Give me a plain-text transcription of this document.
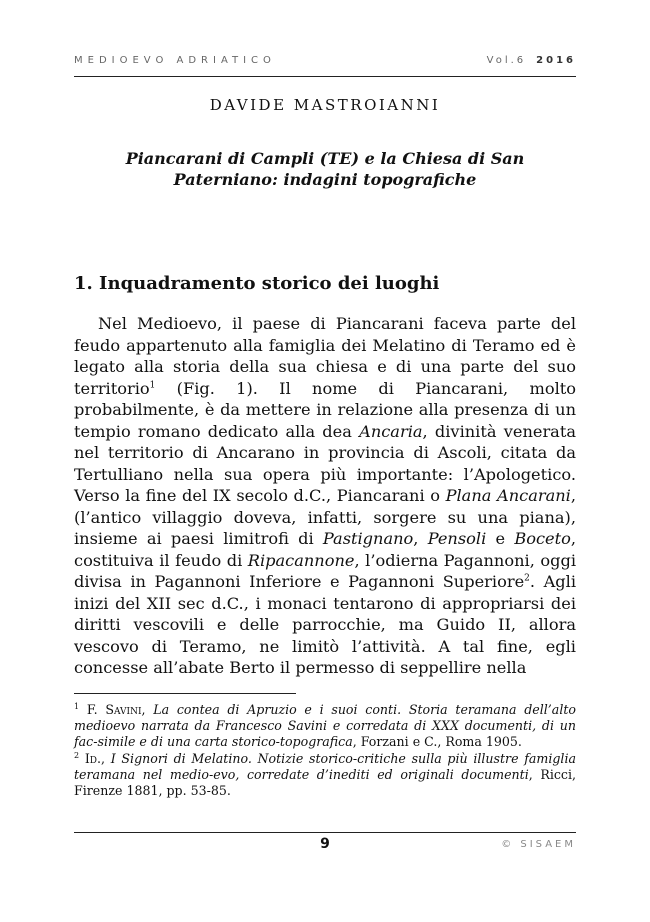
MEDIOEVO ADRIATICO	Vol.6 2016
DAVIDE MASTROIANNI
Piancarani di Campli (TE) e la Chiesa di San Paterniano: indagini topografiche
1. Inquadramento storico dei luoghi

Nel Medioevo, il paese di Piancarani faceva parte del feudo appartenuto alla famiglia dei Melatino di Teramo ed è legato alla storia della sua chiesa e di una parte del suo territorio$^1$ (Fig. 1). Il nome di Piancarani, molto probabilmente, è da mettere in relazione alla presenza di un tempio romano dedicato alla dea Ancaria, divinità venerata nel territorio di Ancarano in provincia di Ascoli, citata da Tertulliano nella sua opera più importante: l’Apologetico. Verso la fine del IX secolo d.C., Piancarani o Plana Ancarani, (l’antico villaggio doveva, infatti, sorgere su una piana), insieme ai paesi limitrofi di Pastignano, Pensoli e Boceto, costituiva il feudo di Ripacannone, l’odierna Pagannoni, oggi divisa in Pagannoni Inferiore e Pagannoni Superiore$^2$. Agli inizi del XII sec d.C., i monaci tentarono di appropriarsi dei diritti vescovili e delle parrocchie, ma Guido II, allora vescovo di Teramo, ne limitò l’attività. A tal fine, egli concesse all’abate Berto il permesso di seppellire nella

$^1$ F. Savini, La contea di Apruzio e i suoi conti. Storia teramana dell’alto medioevo narrata da Francesco Savini e corredata di XXX documenti, di un fac-simile e di una carta storico-topografica, Forzani e C., Roma 1905.

$^2$ Id., I Signori di Melatino. Notizie storico-critiche sulla più illustre famiglia teramana nel medio-evo, corredate d’inediti ed originali documenti, Ricci, Firenze 1881, pp. 53-85.

9	© SISAEM
